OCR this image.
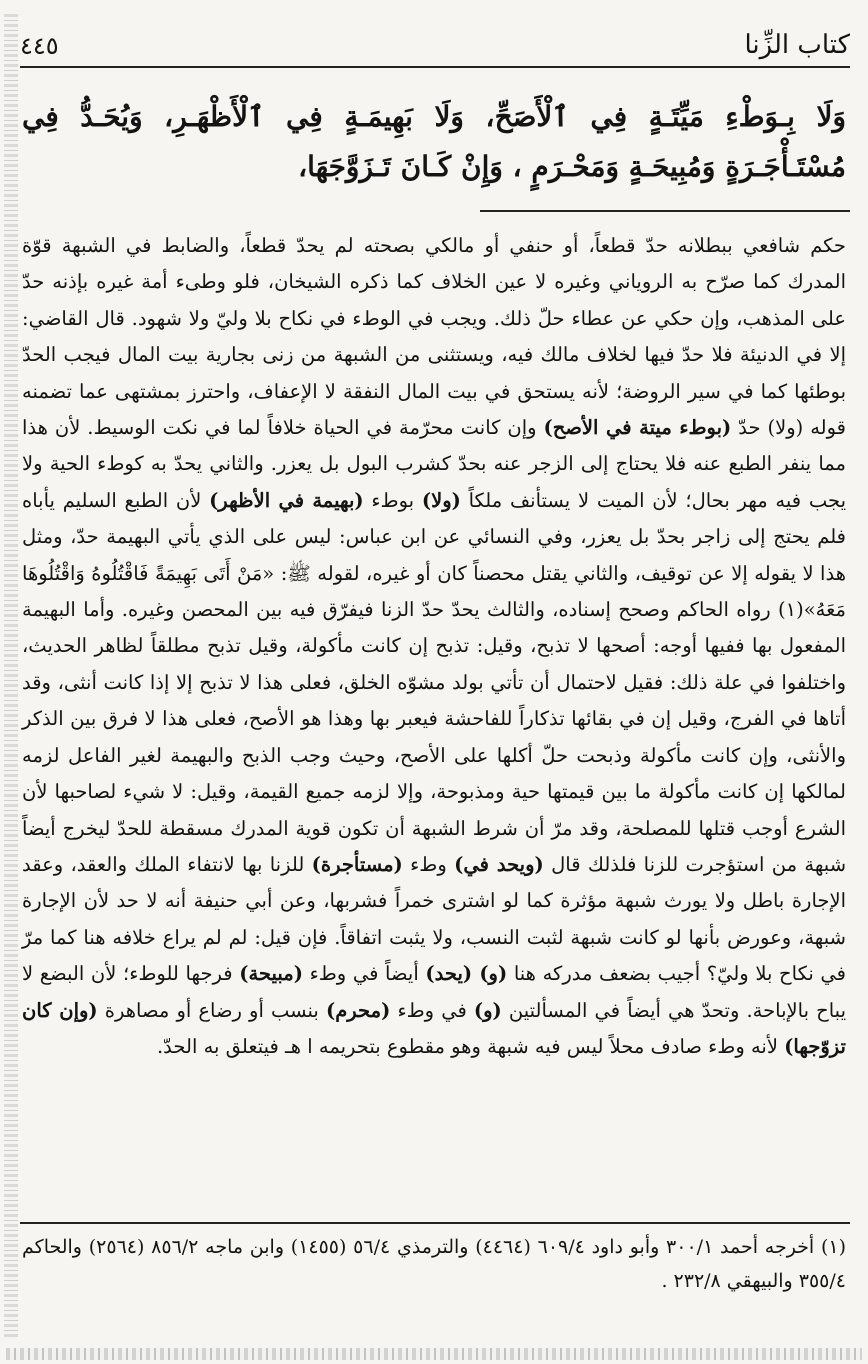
٤٤٥	كتاب الزِّنا
وَلَا بِـوَطْءِ مَيِّتَـةٍ فِي ٱلْأَصَحِّ، وَلَا بَهِيمَـةٍ فِي ٱلْأَظْهَـرِ، وَيُحَـدُّ فِي مُسْتَـأْجَـرَةٍ وَمُبِيحَـةٍ وَمَحْـرَمٍ ، وَإِنْ كَـانَ تَـزَوَّجَهَا،

حكم شافعي ببطلانه حدّ قطعاً، أو حنفي أو مالكي بصحته لم يحدّ قطعاً، والضابط في الشبهة قوّة المدرك كما صرّح به الروياني وغيره لا عين الخلاف كما ذكره الشيخان، فلو وطىء أمة غيره بإذنه حدّ على المذهب، وإن حكي عن عطاء حلّ ذلك. ويجب في الوطء في نكاح بلا وليّ ولا شهود. قال القاضي: إلا في الدنيئة فلا حدّ فيها لخلاف مالك فيه، ويستثنى من الشبهة من زنى بجارية بيت المال فيجب الحدّ بوطئها كما في سير الروضة؛ لأنه يستحق في بيت المال النفقة لا الإعفاف، واحترز بمشتهى عما تضمنه قوله (ولا) حدّ (بوطء ميتة في الأصح) وإن كانت محرّمة في الحياة خلافاً لما في نكت الوسيط. لأن هذا مما ينفر الطبع عنه فلا يحتاج إلى الزجر عنه بحدّ كشرب البول بل يعزر. والثاني يحدّ به كوطء الحية ولا يجب فيه مهر بحال؛ لأن الميت لا يستأنف ملكاً (ولا) بوطء (بهيمة في الأظهر) لأن الطبع السليم يأباه فلم يحتج إلى زاجر بحدّ بل يعزر، وفي النسائي عن ابن عباس: ليس على الذي يأتي البهيمة حدّ، ومثل هذا لا يقوله إلا عن توقيف، والثاني يقتل محصناً كان أو غيره، لقوله ﷺ: «مَنْ أَتَى بَهِيمَةً فَاقْتُلُوهُ وَاقْتُلُوهَا مَعَهُ»(١) رواه الحاكم وصحح إسناده، والثالث يحدّ حدّ الزنا فيفرّق فيه بين المحصن وغيره. وأما البهيمة المفعول بها ففيها أوجه: أصحها لا تذبح، وقيل: تذبح إن كانت مأكولة، وقيل تذبح مطلقاً لظاهر الحديث، واختلفوا في علة ذلك: فقيل لاحتمال أن تأتي بولد مشوّه الخلق، فعلى هذا لا تذبح إلا إذا كانت أنثى، وقد أتاها في الفرج، وقيل إن في بقائها تذكاراً للفاحشة فيعبر بها وهذا هو الأصح، فعلى هذا لا فرق بين الذكر والأنثى، وإن كانت مأكولة وذبحت حلّ أكلها على الأصح، وحيث وجب الذبح والبهيمة لغير الفاعل لزمه لمالكها إن كانت مأكولة ما بين قيمتها حية ومذبوحة، وإلا لزمه جميع القيمة، وقيل: لا شيء لصاحبها لأن الشرع أوجب قتلها للمصلحة، وقد مرّ أن شرط الشبهة أن تكون قوية المدرك مسقطة للحدّ ليخرج أيضاً شبهة من استؤجرت للزنا فلذلك قال (ويحد في) وطء (مستأجرة) للزنا بها لانتفاء الملك والعقد، وعقد الإجارة باطل ولا يورث شبهة مؤثرة كما لو اشترى خمراً فشربها، وعن أبي حنيفة أنه لا حد لأن الإجارة شبهة، وعورض بأنها لو كانت شبهة لثبت النسب، ولا يثبت اتفاقاً. فإن قيل: لم لم يراع خلافه هنا كما مرّ في نكاح بلا وليّ؟ أجيب بضعف مدركه هنا (و) (يحد) أيضاً في وطء (مبيحة) فرجها للوطء؛ لأن البضع لا يباح بالإباحة. وتحدّ هي أيضاً في المسألتين (و) في وطء (محرم) بنسب أو رضاع أو مصاهرة (وإن كان تزوّجها) لأنه وطء صادف محلاً ليس فيه شبهة وهو مقطوع بتحريمه ا هـ فيتعلق به الحدّ.

(١) أخرجه أحمد ٣٠٠/١ وأبو داود ٦٠٩/٤ (٤٤٦٤) والترمذي ٥٦/٤ (١٤٥٥) وابن ماجه ٨٥٦/٢ (٢٥٦٤) والحاكم ٣٥٥/٤ والبيهقي ٢٣٢/٨ .
